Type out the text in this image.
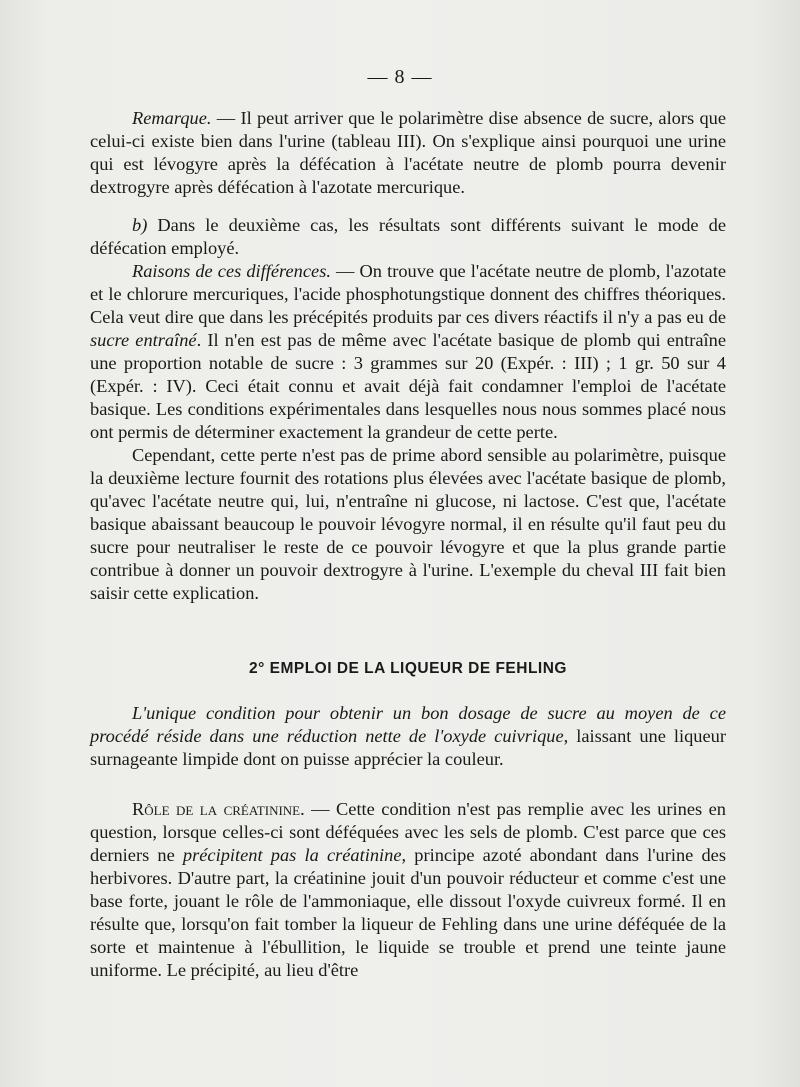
— 8 —

Remarque. — Il peut arriver que le polarimètre dise absence de sucre, alors que celui-ci existe bien dans l'urine (tableau III). On s'explique ainsi pourquoi une urine qui est lévogyre après la défécation à l'acétate neutre de plomb pourra devenir dextrogyre après défécation à l'azotate mercurique.

b) Dans le deuxième cas, les résultats sont différents suivant le mode de défécation employé.

Raisons de ces différences. — On trouve que l'acétate neutre de plomb, l'azotate et le chlorure mercuriques, l'acide phosphotungstique donnent des chiffres théoriques. Cela veut dire que dans les précépités produits par ces divers réactifs il n'y a pas eu de sucre entraîné. Il n'en est pas de même avec l'acétate basique de plomb qui entraîne une proportion notable de sucre : 3 grammes sur 20 (Expér. : III) ; 1 gr. 50 sur 4 (Expér. : IV). Ceci était connu et avait déjà fait condamner l'emploi de l'acétate basique. Les conditions expérimentales dans lesquelles nous nous sommes placé nous ont permis de déterminer exactement la grandeur de cette perte.

Cependant, cette perte n'est pas de prime abord sensible au polarimètre, puisque la deuxième lecture fournit des rotations plus élevées avec l'acétate basique de plomb, qu'avec l'acétate neutre qui, lui, n'entraîne ni glucose, ni lactose. C'est que, l'acétate basique abaissant beaucoup le pouvoir lévogyre normal, il en résulte qu'il faut peu du sucre pour neutraliser le reste de ce pouvoir lévogyre et que la plus grande partie contribue à donner un pouvoir dextrogyre à l'urine. L'exemple du cheval III fait bien saisir cette explication.

2° EMPLOI DE LA LIQUEUR DE FEHLING

L'unique condition pour obtenir un bon dosage de sucre au moyen de ce procédé réside dans une réduction nette de l'oxyde cuivrique, laissant une liqueur surnageante limpide dont on puisse apprécier la couleur.

Rôle de la créatinine. — Cette condition n'est pas remplie avec les urines en question, lorsque celles-ci sont déféquées avec les sels de plomb. C'est parce que ces derniers ne précipitent pas la créatinine, principe azoté abondant dans l'urine des herbivores. D'autre part, la créatinine jouit d'un pouvoir réducteur et comme c'est une base forte, jouant le rôle de l'ammoniaque, elle dissout l'oxyde cuivreux formé. Il en résulte que, lorsqu'on fait tomber la liqueur de Fehling dans une urine déféquée de la sorte et maintenue à l'ébullition, le liquide se trouble et prend une teinte jaune uniforme. Le précipité, au lieu d'être
